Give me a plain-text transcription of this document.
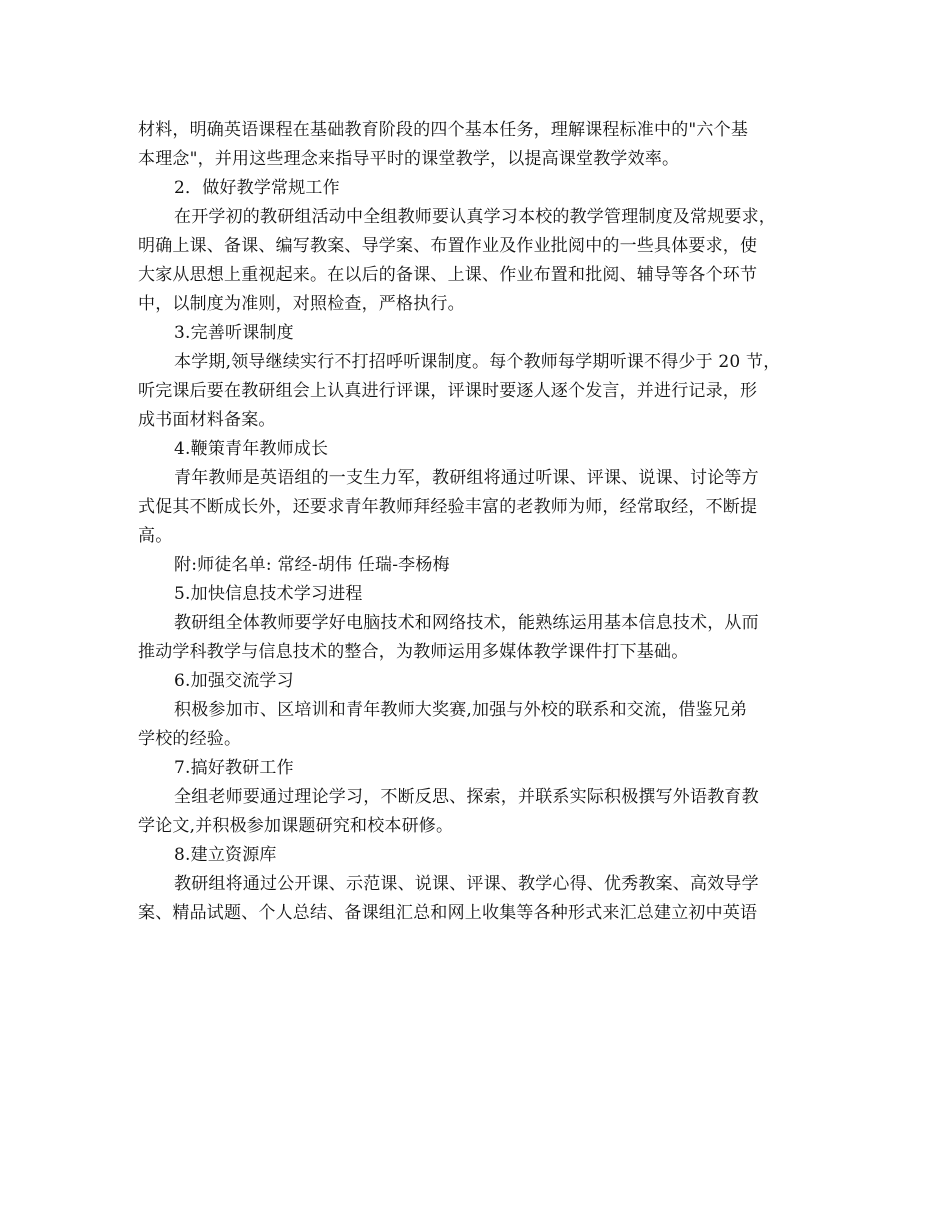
材料，明确英语课程在基础教育阶段的四个基本任务，理解课程标准中的"六个基
本理念"，并用这些理念来指导平时的课堂教学，以提高课堂教学效率。
2．做好教学常规工作
在开学初的教研组活动中全组教师要认真学习本校的教学管理制度及常规要求，
明确上课、备课、编写教案、导学案、布置作业及作业批阅中的一些具体要求，使
大家从思想上重视起来。在以后的备课、上课、作业布置和批阅、辅导等各个环节
中，以制度为准则，对照检查，严格执行。
3.完善听课制度
本学期,领导继续实行不打招呼听课制度。每个教师每学期听课不得少于 20 节，
听完课后要在教研组会上认真进行评课，评课时要逐人逐个发言，并进行记录，形
成书面材料备案。
4.鞭策青年教师成长
青年教师是英语组的一支生力军，教研组将通过听课、评课、说课、讨论等方
式促其不断成长外，还要求青年教师拜经验丰富的老教师为师，经常取经，不断提
高。
附:师徒名单: 常经-胡伟 任瑞-李杨梅
5.加快信息技术学习进程
教研组全体教师要学好电脑技术和网络技术，能熟练运用基本信息技术，从而
推动学科教学与信息技术的整合，为教师运用多媒体教学课件打下基础。
6.加强交流学习
积极参加市、区培训和青年教师大奖赛,加强与外校的联系和交流，借鉴兄弟
学校的经验。
7.搞好教研工作
全组老师要通过理论学习，不断反思、探索，并联系实际积极撰写外语教育教
学论文,并积极参加课题研究和校本研修。
8.建立资源库
教研组将通过公开课、示范课、说课、评课、教学心得、优秀教案、高效导学
案、精品试题、个人总结、备课组汇总和网上收集等各种形式来汇总建立初中英语
